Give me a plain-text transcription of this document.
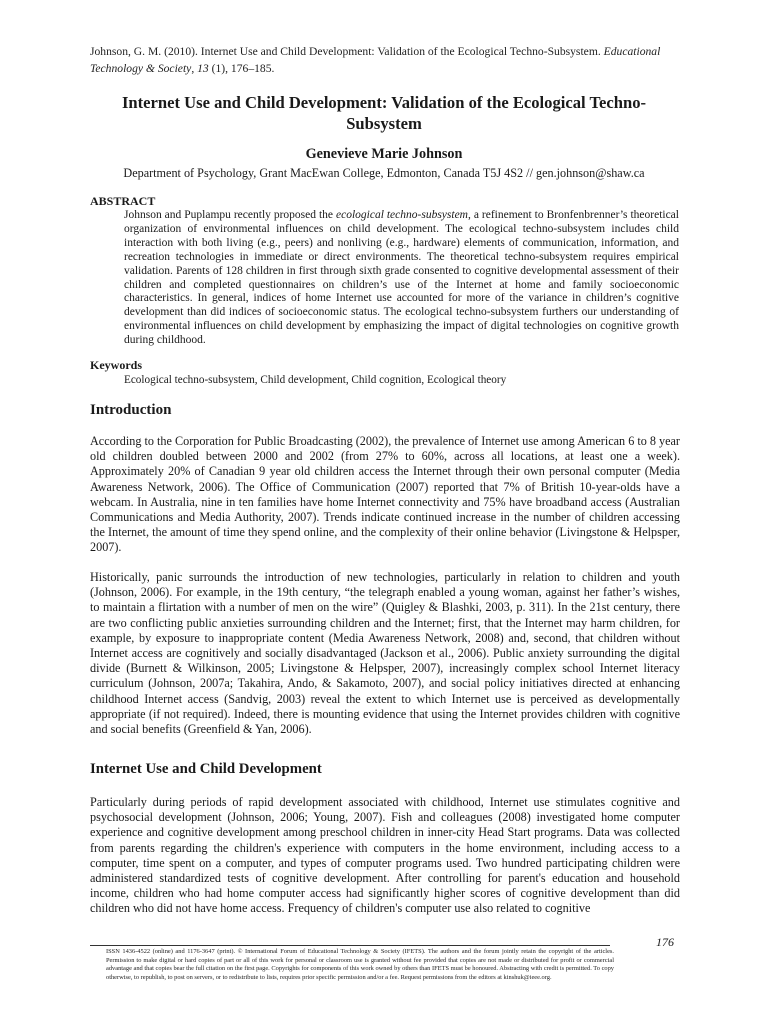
Johnson, G. M. (2010). Internet Use and Child Development: Validation of the Ecological Techno-Subsystem. Educational Technology & Society, 13 (1), 176–185.
Internet Use and Child Development: Validation of the Ecological Techno-Subsystem
Genevieve Marie Johnson
Department of Psychology, Grant MacEwan College, Edmonton, Canada T5J 4S2 // gen.johnson@shaw.ca
ABSTRACT
Johnson and Puplampu recently proposed the ecological techno-subsystem, a refinement to Bronfenbrenner’s theoretical organization of environmental influences on child development. The ecological techno-subsystem includes child interaction with both living (e.g., peers) and nonliving (e.g., hardware) elements of communication, information, and recreation technologies in immediate or direct environments. The theoretical techno-subsystem requires empirical validation. Parents of 128 children in first through sixth grade consented to cognitive developmental assessment of their children and completed questionnaires on children’s use of the Internet at home and family socioeconomic characteristics. In general, indices of home Internet use accounted for more of the variance in children’s cognitive development than did indices of socioeconomic status. The ecological techno-subsystem furthers our understanding of environmental influences on child development by emphasizing the impact of digital technologies on cognitive growth during childhood.
Keywords
Ecological techno-subsystem, Child development, Child cognition, Ecological theory
Introduction
According to the Corporation for Public Broadcasting (2002), the prevalence of Internet use among American 6 to 8 year old children doubled between 2000 and 2002 (from 27% to 60%, across all locations, at least one a week). Approximately 20% of Canadian 9 year old children access the Internet through their own personal computer (Media Awareness Network, 2006). The Office of Communication (2007) reported that 7% of British 10-year-olds have a webcam. In Australia, nine in ten families have home Internet connectivity and 75% have broadband access (Australian Communications and Media Authority, 2007). Trends indicate continued increase in the number of children accessing the Internet, the amount of time they spend online, and the complexity of their online behavior (Livingstone & Helpsper, 2007).
Historically, panic surrounds the introduction of new technologies, particularly in relation to children and youth (Johnson, 2006). For example, in the 19th century, “the telegraph enabled a young woman, against her father’s wishes, to maintain a flirtation with a number of men on the wire” (Quigley & Blashki, 2003, p. 311). In the 21st century, there are two conflicting public anxieties surrounding children and the Internet; first, that the Internet may harm children, for example, by exposure to inappropriate content (Media Awareness Network, 2008) and, second, that children without Internet access are cognitively and socially disadvantaged (Jackson et al., 2006). Public anxiety surrounding the digital divide (Burnett & Wilkinson, 2005; Livingstone & Helpsper, 2007), increasingly complex school Internet literacy curriculum (Johnson, 2007a; Takahira, Ando, & Sakamoto, 2007), and social policy initiatives directed at enhancing childhood Internet access (Sandvig, 2003) reveal the extent to which Internet use is perceived as developmentally appropriate (if not required). Indeed, there is mounting evidence that using the Internet provides children with cognitive and social benefits (Greenfield & Yan, 2006).
Internet Use and Child Development
Particularly during periods of rapid development associated with childhood, Internet use stimulates cognitive and psychosocial development (Johnson, 2006; Young, 2007). Fish and colleagues (2008) investigated home computer experience and cognitive development among preschool children in inner-city Head Start programs. Data was collected from parents regarding the children's experience with computers in the home environment, including access to a computer, time spent on a computer, and types of computer programs used. Two hundred participating children were administered standardized tests of cognitive development. After controlling for parent's education and household income, children who had home computer access had significantly higher scores of cognitive development than did children who did not have home access. Frequency of children's computer use also related to cognitive
176
ISSN 1436-4522 (online) and 1176-3647 (print). © International Forum of Educational Technology & Society (IFETS). The authors and the forum jointly retain the copyright of the articles. Permission to make digital or hard copies of part or all of this work for personal or classroom use is granted without fee provided that copies are not made or distributed for profit or commercial advantage and that copies bear the full citation on the first page. Copyrights for components of this work owned by others than IFETS must be honoured. Abstracting with credit is permitted. To copy otherwise, to republish, to post on servers, or to redistribute to lists, requires prior specific permission and/or a fee. Request permissions from the editors at kinshuk@ieee.org.
